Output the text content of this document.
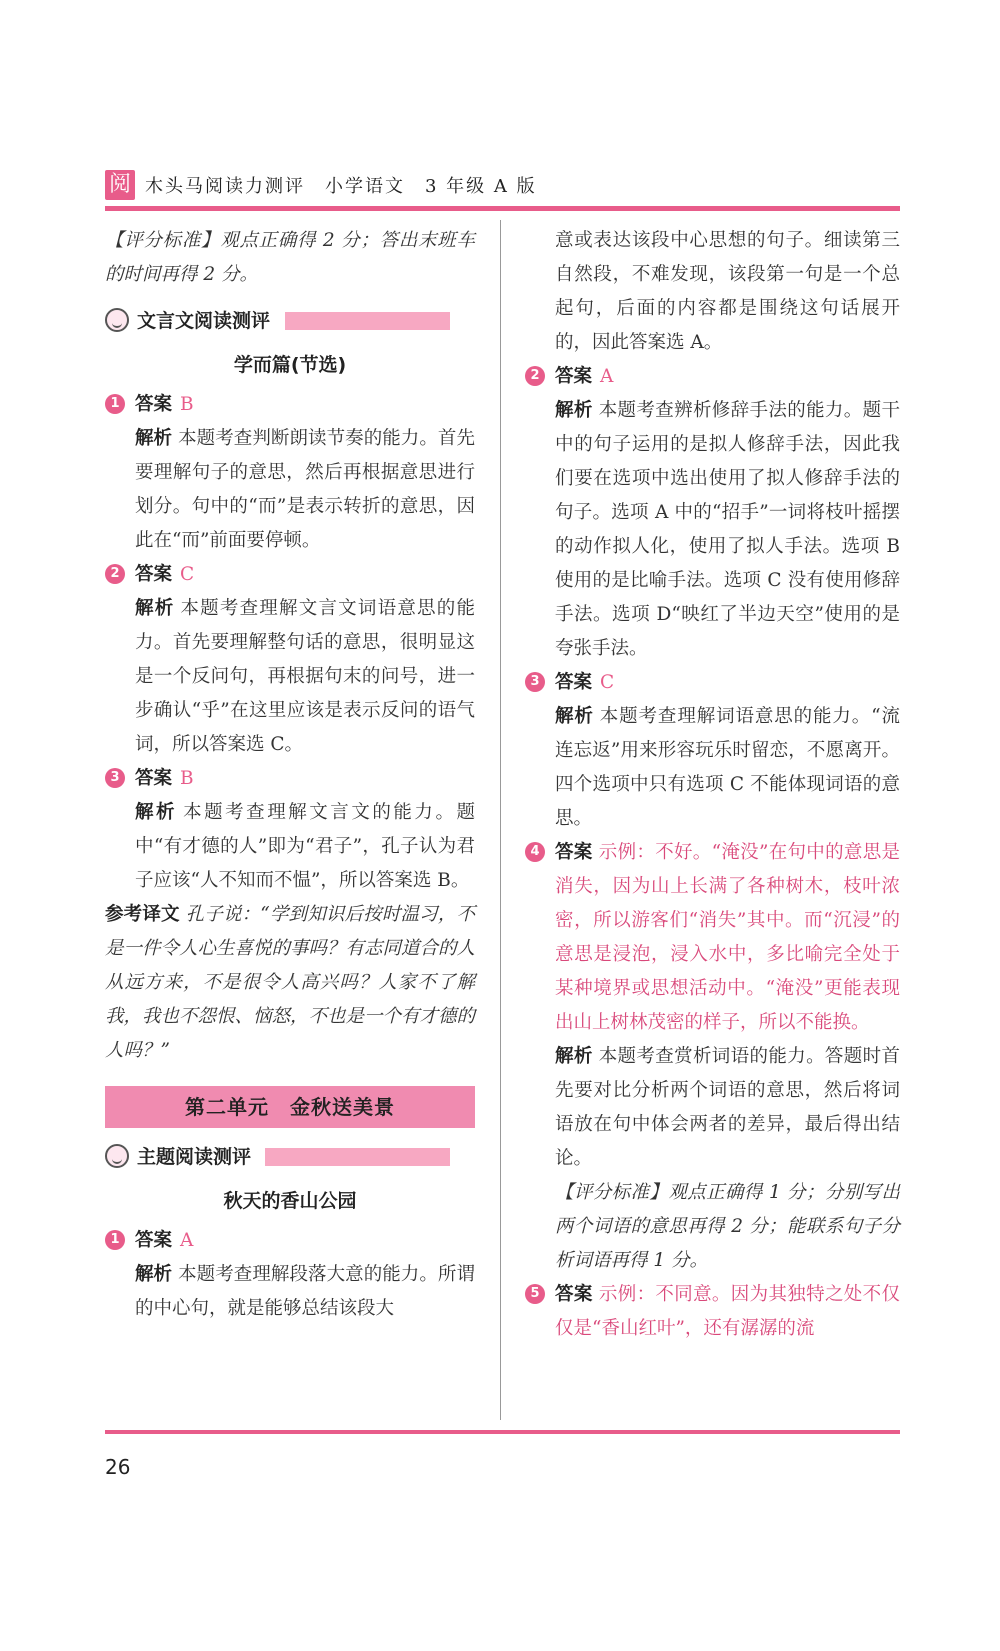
阅 木头马阅读力测评　小学语文　3 年级 A 版

【评分标准】观点正确得 2 分；答出末班车的时间再得 2 分。

文言文阅读测评
学而篇(节选)
1 答案 B

解析 本题考查判断朗读节奏的能力。首先要理解句子的意思，然后再根据意思进行划分。句中的“而”是表示转折的意思，因此在“而”前面要停顿。

2 答案 C

解析 本题考查理解文言文词语意思的能力。首先要理解整句话的意思，很明显这是一个反问句，再根据句末的问号，进一步确认“乎”在这里应该是表示反问的语气词，所以答案选 C。

3 答案 B

解析 本题考查理解文言文的能力。题中“有才德的人”即为“君子”，孔子认为君子应该“人不知而不愠”，所以答案选 B。

参考译文 孔子说：“学到知识后按时温习，不是一件令人心生喜悦的事吗？有志同道合的人从远方来，不是很令人高兴吗？人家不了解我，我也不怨恨、恼怒，不也是一个有才德的人吗？”

第二单元　金秋送美景
主题阅读测评
秋天的香山公园
1 答案 A

解析 本题考查理解段落大意的能力。所谓的中心句，就是能够总结该段大

意或表达该段中心思想的句子。细读第三自然段，不难发现，该段第一句是一个总起句，后面的内容都是围绕这句话展开的，因此答案选 A。

2 答案 A

解析 本题考查辨析修辞手法的能力。题干中的句子运用的是拟人修辞手法，因此我们要在选项中选出使用了拟人修辞手法的句子。选项 A 中的“招手”一词将枝叶摇摆的动作拟人化，使用了拟人手法。选项 B 使用的是比喻手法。选项 C 没有使用修辞手法。选项 D“映红了半边天空”使用的是夸张手法。

3 答案 C

解析 本题考查理解词语意思的能力。“流连忘返”用来形容玩乐时留恋，不愿离开。四个选项中只有选项 C 不能体现词语的意思。

4 答案 示例：不好。“淹没”在句中的意思是消失，因为山上长满了各种树木，枝叶浓密，所以游客们“消失”其中。而“沉浸”的意思是浸泡，浸入水中，多比喻完全处于某种境界或思想活动中。“淹没”更能表现出山上树林茂密的样子，所以不能换。

解析 本题考查赏析词语的能力。答题时首先要对比分析两个词语的意思，然后将词语放在句中体会两者的差异，最后得出结论。

【评分标准】观点正确得 1 分；分别写出两个词语的意思再得 2 分；能联系句子分析词语再得 1 分。

5 答案 示例：不同意。因为其独特之处不仅仅是“香山红叶”，还有潺潺的流

26
